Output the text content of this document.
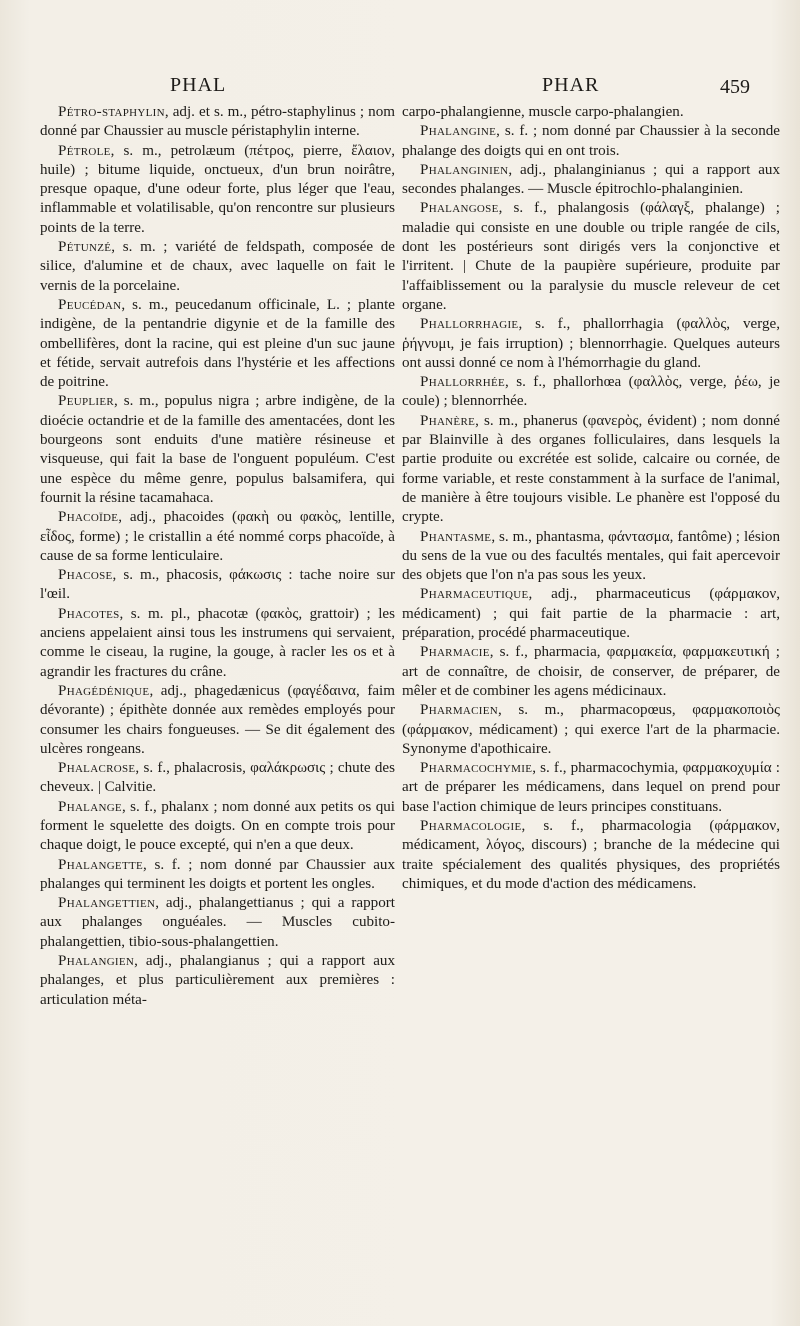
PHAL	PHAR	459

Pétro-staphylin, adj. et s. m., pétro-staphylinus ; nom donné par Chaussier au muscle péristaphylin interne.

Pétrole, s. m., petrolæum (πέτρος, pierre, ἔλαιον, huile) ; bitume liquide, onctueux, d'un brun noirâtre, presque opaque, d'une odeur forte, plus léger que l'eau, inflammable et volatilisable, qu'on rencontre sur plusieurs points de la terre.

Pétunzé, s. m. ; variété de feldspath, composée de silice, d'alumine et de chaux, avec laquelle on fait le vernis de la porcelaine.

Peucédan, s. m., peucedanum officinale, L. ; plante indigène, de la pentandrie digynie et de la famille des ombellifères, dont la racine, qui est pleine d'un suc jaune et fétide, servait autrefois dans l'hystérie et les affections de poitrine.

Peuplier, s. m., populus nigra ; arbre indigène, de la dioécie octandrie et de la famille des amentacées, dont les bourgeons sont enduits d'une matière résineuse et visqueuse, qui fait la base de l'onguent populéum. C'est une espèce du même genre, populus balsamifera, qui fournit la résine tacamahaca.

Phacoïde, adj., phacoides (φακὴ ou φακὸς, lentille, εἶδος, forme) ; le cristallin a été nommé corps phacoïde, à cause de sa forme lenticulaire.

Phacose, s. m., phacosis, φάκωσις : tache noire sur l'œil.

Phacotes, s. m. pl., phacotæ (φακὸς, grattoir) ; les anciens appelaient ainsi tous les instrumens qui servaient, comme le ciseau, la rugine, la gouge, à racler les os et à agrandir les fractures du crâne.

Phagédénique, adj., phagedænicus (φαγέδαινα, faim dévorante) ; épithète donnée aux remèdes employés pour consumer les chairs fongueuses. — Se dit également des ulcères rongeans.

Phalacrose, s. f., phalacrosis, φαλάκρωσις ; chute des cheveux. | Calvitie.

Phalange, s. f., phalanx ; nom donné aux petits os qui forment le squelette des doigts. On en compte trois pour chaque doigt, le pouce excepté, qui n'en a que deux.

Phalangette, s. f. ; nom donné par Chaussier aux phalanges qui terminent les doigts et portent les ongles.

Phalangettien, adj., phalangettianus ; qui a rapport aux phalanges onguéales. — Muscles cubito-phalangettien, tibio-sous-phalangettien.

Phalangien, adj., phalangianus ; qui a rapport aux phalanges, et plus particulièrement aux premières : articulation méta-

carpo-phalangienne, muscle carpo-phalangien.

Phalangine, s. f. ; nom donné par Chaussier à la seconde phalange des doigts qui en ont trois.

Phalanginien, adj., phalanginianus ; qui a rapport aux secondes phalanges. — Muscle épitrochlo-phalanginien.

Phalangose, s. f., phalangosis (φάλαγξ, phalange) ; maladie qui consiste en une double ou triple rangée de cils, dont les postérieurs sont dirigés vers la conjonctive et l'irritent. | Chute de la paupière supérieure, produite par l'affaiblissement ou la paralysie du muscle releveur de cet organe.

Phallorrhagie, s. f., phallorrhagia (φαλλὸς, verge, ῥήγνυμι, je fais irruption) ; blennorrhagie. Quelques auteurs ont aussi donné ce nom à l'hémorrhagie du gland.

Phallorrhée, s. f., phallorhœa (φαλλὸς, verge, ῥέω, je coule) ; blennorrhée.

Phanère, s. m., phanerus (φανερὸς, évident) ; nom donné par Blainville à des organes folliculaires, dans lesquels la partie produite ou excrétée est solide, calcaire ou cornée, de forme variable, et reste constamment à la surface de l'animal, de manière à être toujours visible. Le phanère est l'opposé du crypte.

Phantasme, s. m., phantasma, φάντασμα, fantôme) ; lésion du sens de la vue ou des facultés mentales, qui fait apercevoir des objets que l'on n'a pas sous les yeux.

Pharmaceutique, adj., pharmaceuticus (φάρμακον, médicament) ; qui fait partie de la pharmacie : art, préparation, procédé pharmaceutique.

Pharmacie, s. f., pharmacia, φαρμακεία, φαρμακευτική ; art de connaître, de choisir, de conserver, de préparer, de mêler et de combiner les agens médicinaux.

Pharmacien, s. m., pharmacopœus, φαρμακοποιὸς (φάρμακον, médicament) ; qui exerce l'art de la pharmacie. Synonyme d'apothicaire.

Pharmacochymie, s. f., pharmacochymia, φαρμακοχυμία : art de préparer les médicamens, dans lequel on prend pour base l'action chimique de leurs principes constituans.

Pharmacologie, s. f., pharmacologia (φάρμακον, médicament, λόγος, discours) ; branche de la médecine qui traite spécialement des qualités physiques, des propriétés chimiques, et du mode d'action des médicamens.
